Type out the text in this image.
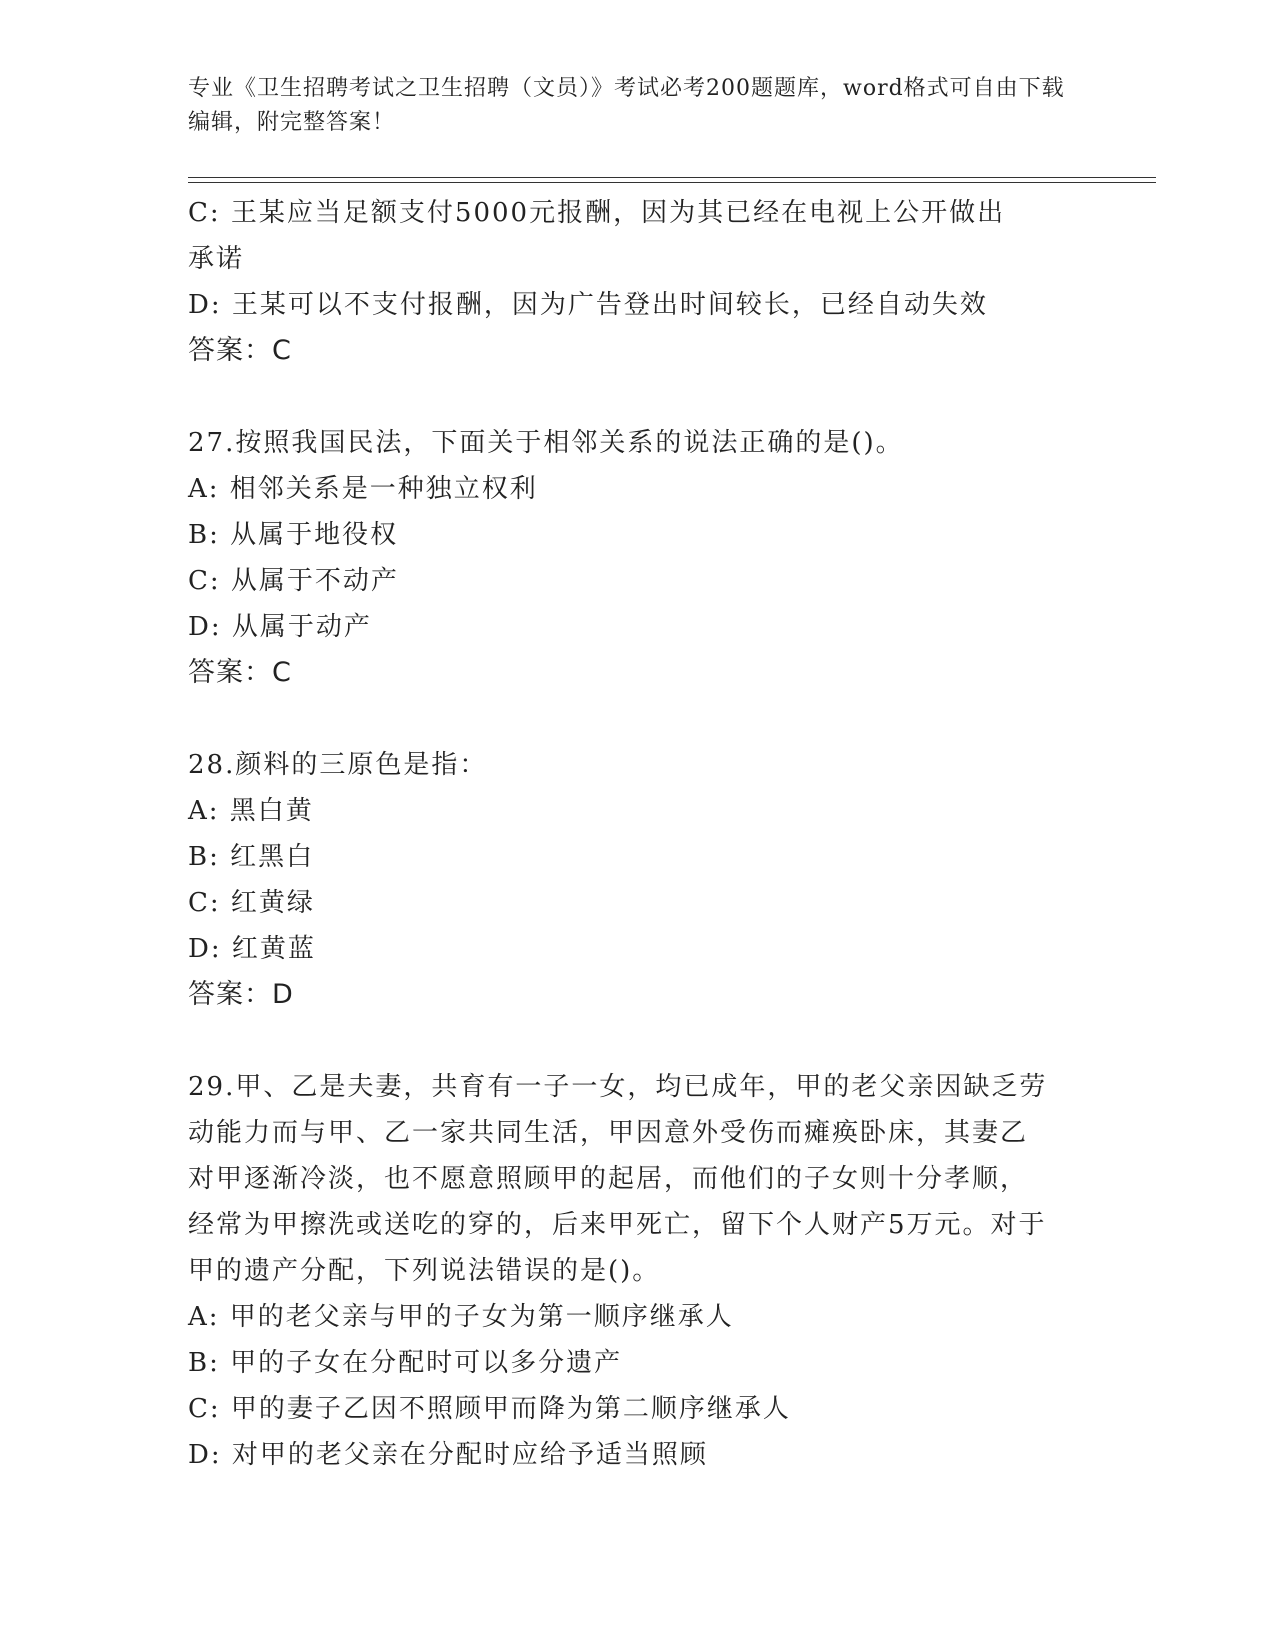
专业《卫生招聘考试之卫生招聘（文员）》考试必考200题题库，word格式可自由下载编辑，附完整答案！
C: 王某应当足额支付5000元报酬，因为其已经在电视上公开做出承诺
D: 王某可以不支付报酬，因为广告登出时间较长，已经自动失效
答案：C
27.按照我国民法，下面关于相邻关系的说法正确的是()。
A: 相邻关系是一种独立权利
B: 从属于地役权
C: 从属于不动产
D: 从属于动产
答案：C
28.颜料的三原色是指：
A: 黑白黄
B: 红黑白
C: 红黄绿
D: 红黄蓝
答案：D
29.甲、乙是夫妻，共育有一子一女，均已成年，甲的老父亲因缺乏劳动能力而与甲、乙一家共同生活，甲因意外受伤而瘫痪卧床，其妻乙对甲逐渐冷淡，也不愿意照顾甲的起居，而他们的子女则十分孝顺，经常为甲擦洗或送吃的穿的，后来甲死亡，留下个人财产5万元。对于甲的遗产分配，下列说法错误的是()。
A: 甲的老父亲与甲的子女为第一顺序继承人
B: 甲的子女在分配时可以多分遗产
C: 甲的妻子乙因不照顾甲而降为第二顺序继承人
D: 对甲的老父亲在分配时应给予适当照顾
